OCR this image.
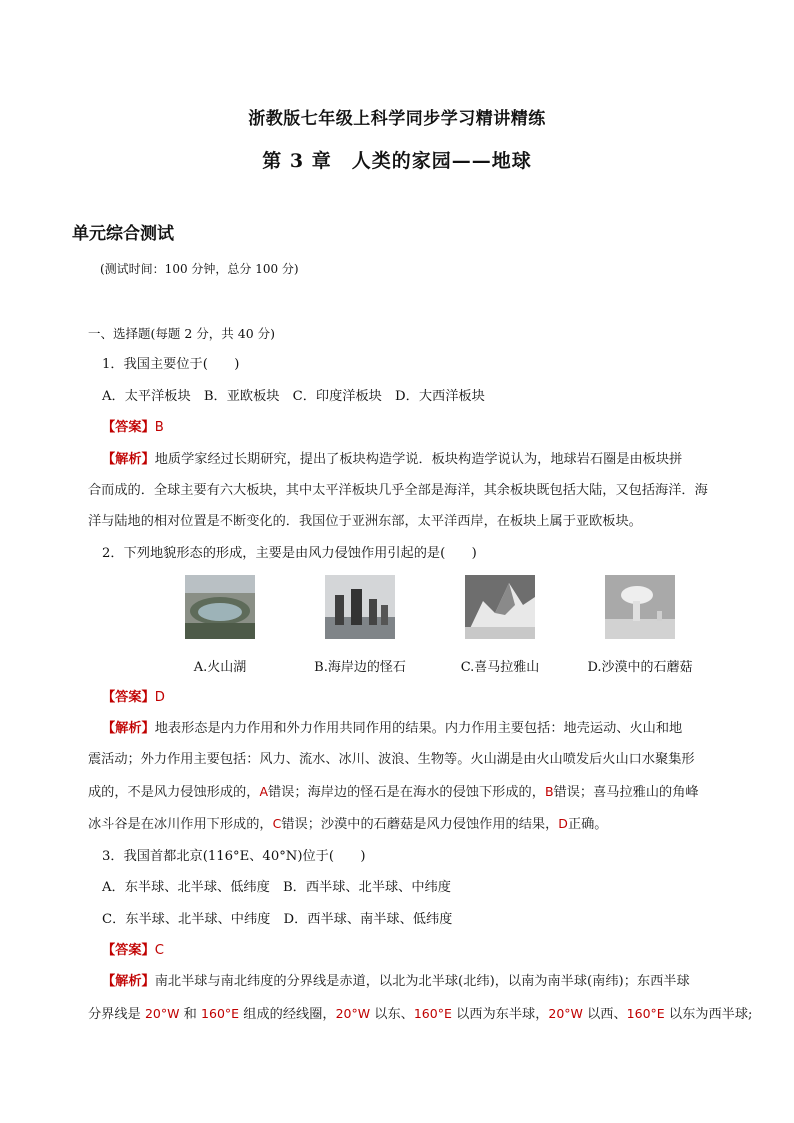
浙教版七年级上科学同步学习精讲精练
第 3 章　人类的家园——地球
单元综合测试
(测试时间：100 分钟，总分 100 分)
一、选择题(每题 2 分，共 40 分)
1．我国主要位于(　　)
A．太平洋板块　B．亚欧板块　C．印度洋板块　D．大西洋板块
【答案】B
【解析】地质学家经过长期研究，提出了板块构造学说．板块构造学说认为，地球岩石圈是由板块拼
合而成的．全球主要有六大板块，其中太平洋板块几乎全部是海洋，其余板块既包括大陆，又包括海洋．海
洋与陆地的相对位置是不断变化的．我国位于亚洲东部，太平洋西岸，在板块上属于亚欧板块。
2．下列地貌形态的形成，主要是由风力侵蚀作用引起的是(　　)
A.火山湖	B.海岸边的怪石	C.喜马拉雅山	D.沙漠中的石蘑菇
【答案】D
【解析】地表形态是内力作用和外力作用共同作用的结果。内力作用主要包括：地壳运动、火山和地
震活动；外力作用主要包括：风力、流水、冰川、波浪、生物等。火山湖是由火山喷发后火山口水聚集形
成的，不是风力侵蚀形成的，A错误；海岸边的怪石是在海水的侵蚀下形成的，B错误；喜马拉雅山的角峰
冰斗谷是在冰川作用下形成的，C错误；沙漠中的石蘑菇是风力侵蚀作用的结果，D正确。
3．我国首都北京(116°E、40°N)位于(　　)
A．东半球、北半球、低纬度　B．西半球、北半球、中纬度
C．东半球、北半球、中纬度　D．西半球、南半球、低纬度
【答案】C
【解析】南北半球与南北纬度的分界线是赤道，以北为北半球(北纬)，以南为南半球(南纬)；东西半球
分界线是 20°W 和 160°E 组成的经线圈，20°W 以东、160°E 以西为东半球，20°W 以西、160°E 以东为西半球;
